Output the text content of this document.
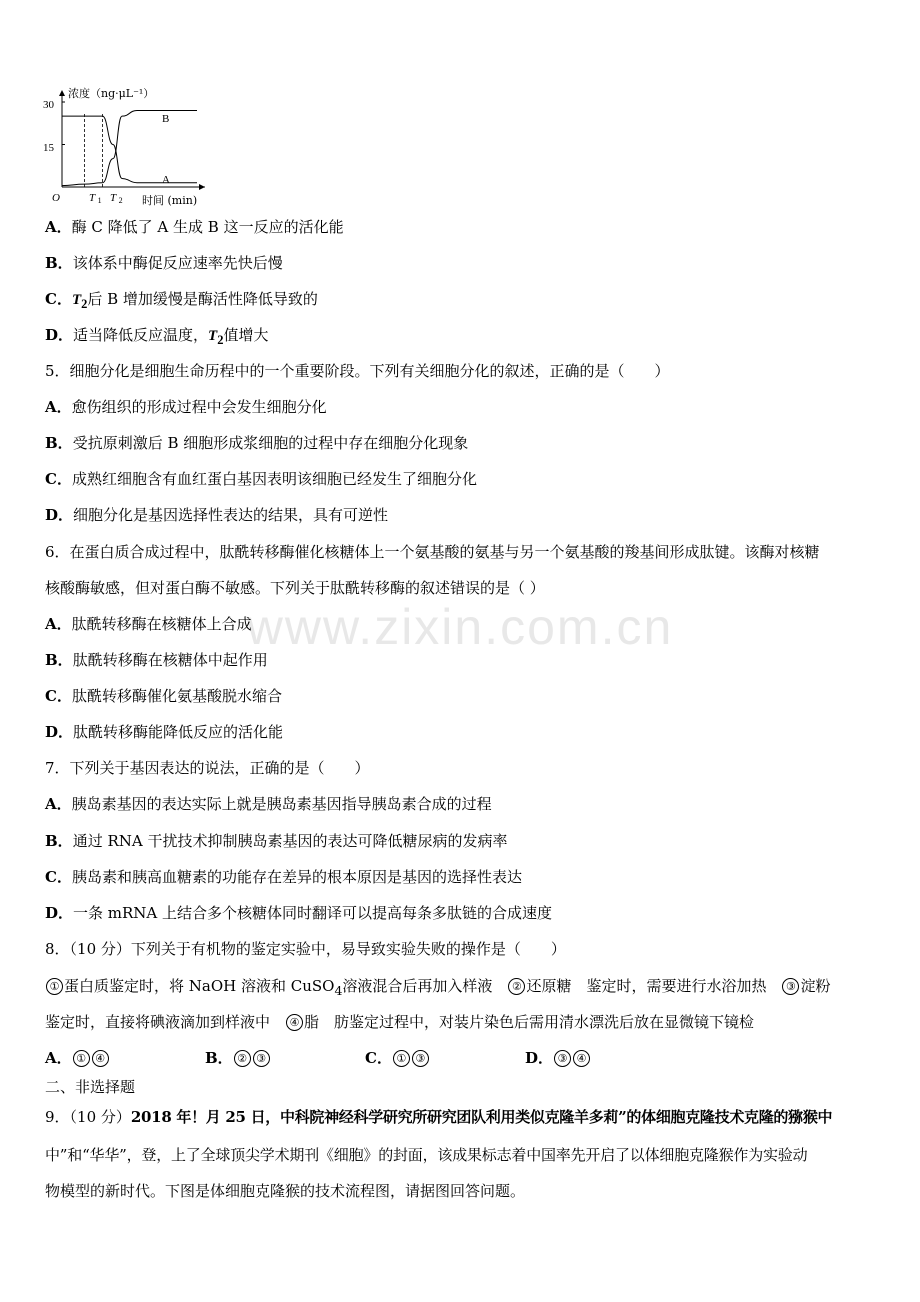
www.zixin.com.cn
浓度（ng·μL⁻¹）
30
15
O	T 1 T 2 时间 (min)
B
A
A．酶 C 降低了 A 生成 B 这一反应的活化能
B．该体系中酶促反应速率先快后慢
C．$T_2$后 B 增加缓慢是酶活性降低导致的
D．适当降低反应温度，$T_2$值增大
5．细胞分化是细胞生命历程中的一个重要阶段。下列有关细胞分化的叙述，正确的是（　　）
A．愈伤组织的形成过程中会发生细胞分化
B．受抗原刺激后 B 细胞形成浆细胞的过程中存在细胞分化现象
C．成熟红细胞含有血红蛋白基因表明该细胞已经发生了细胞分化
D．细胞分化是基因选择性表达的结果，具有可逆性
6．在蛋白质合成过程中，肽酰转移酶催化核糖体上一个氨基酸的氨基与另一个氨基酸的羧基间形成肽键。该酶对核糖
核酸酶敏感，但对蛋白酶不敏感。下列关于肽酰转移酶的叙述错误的是（ ）
A．肽酰转移酶在核糖体上合成
B．肽酰转移酶在核糖体中起作用
C．肽酰转移酶催化氨基酸脱水缩合
D．肽酰转移酶能降低反应的活化能
7．下列关于基因表达的说法，正确的是（　　）
A．胰岛素基因的表达实际上就是胰岛素基因指导胰岛素合成的过程
B．通过 RNA 干扰技术抑制胰岛素基因的表达可降低糖尿病的发病率
C．胰岛素和胰高血糖素的功能存在差异的根本原因是基因的选择性表达
D．一条 mRNA 上结合多个核糖体同时翻译可以提高每条多肽链的合成速度
8．（10 分）下列关于有机物的鉴定实验中，易导致实验失败的操作是（　　）
① 蛋白质鉴定时，将 NaOH 溶液和 CuSO$_4$溶液混合后再加入样液　② 还原糖　鉴定时，需要进行水浴加热　③ 淀粉
鉴定时，直接将碘液滴加到样液中　④ 脂　肪鉴定过程中，对装片染色后需用清水漂洗后放在显微镜下镜检
A． ① ④	B． ② ③	C． ① ③	D． ③ ④
二、非选择题
9．（10 分）2018 年！月 25 日，中科院神经科学研究所研究团队利用类似克隆羊多莉”的体细胞克隆技术克隆的猕猴中
中”和“华华”，登，上了全球顶尖学术期刊《细胞》的封面，该成果标志着中国率先开启了以体细胞克隆猴作为实验动
物模型的新时代。下图是体细胞克隆猴的技术流程图，请据图回答问题。
